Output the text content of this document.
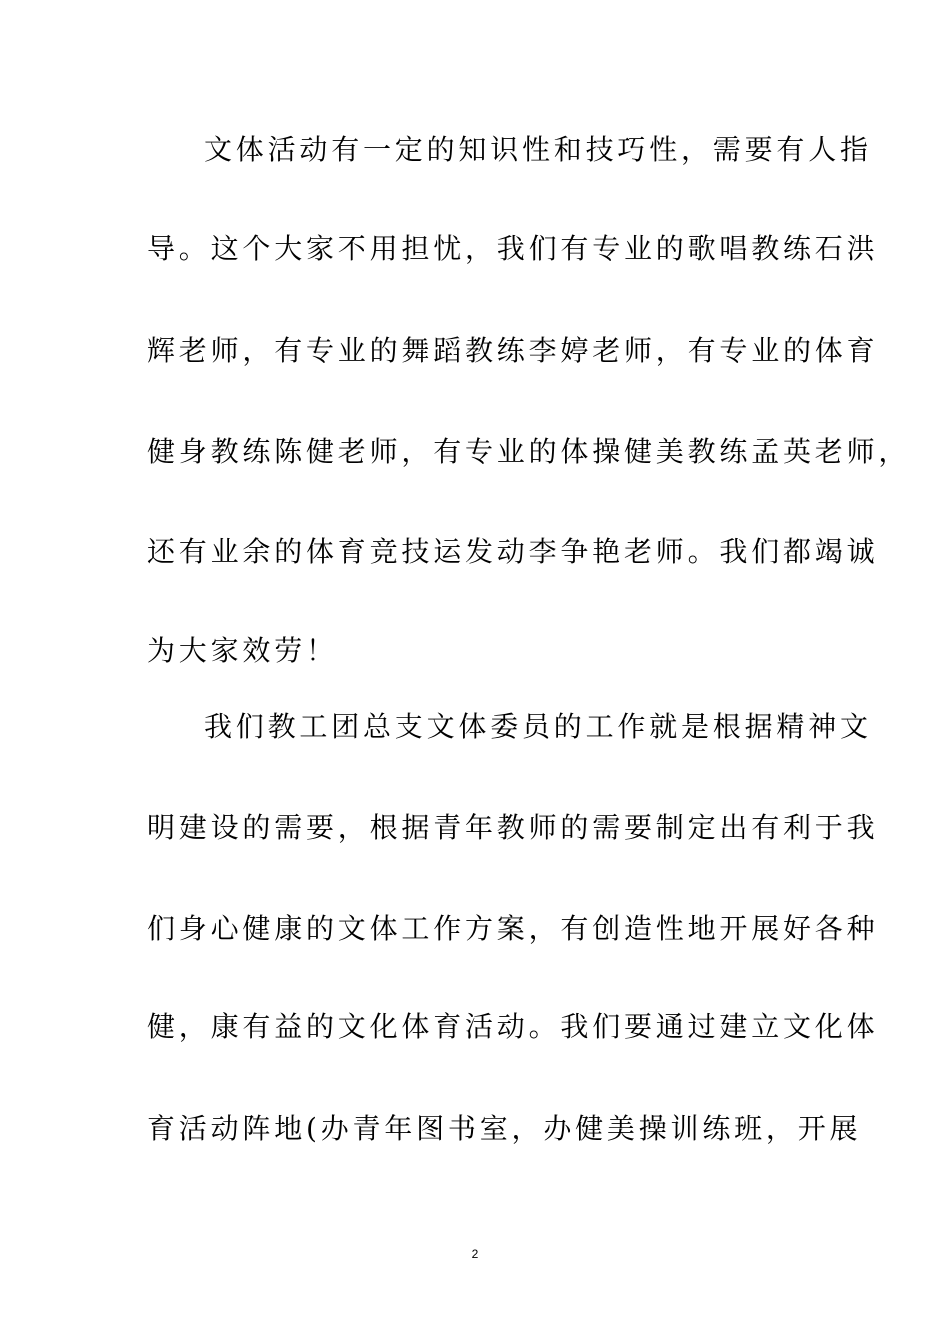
文体活动有一定的知识性和技巧性，需要有人指
导。这个大家不用担忧，我们有专业的歌唱教练石洪
辉老师，有专业的舞蹈教练李婷老师，有专业的体育
健身教练陈健老师，有专业的体操健美教练孟英老师，
还有业余的体育竞技运发动李争艳老师。我们都竭诚
为大家效劳！
我们教工团总支文体委员的工作就是根据精神文
明建设的需要，根据青年教师的需要制定出有利于我
们身心健康的文体工作方案，有创造性地开展好各种
健，康有益的文化体育活动。我们要通过建立文化体
育活动阵地(办青年图书室，办健美操训练班，开展
2
